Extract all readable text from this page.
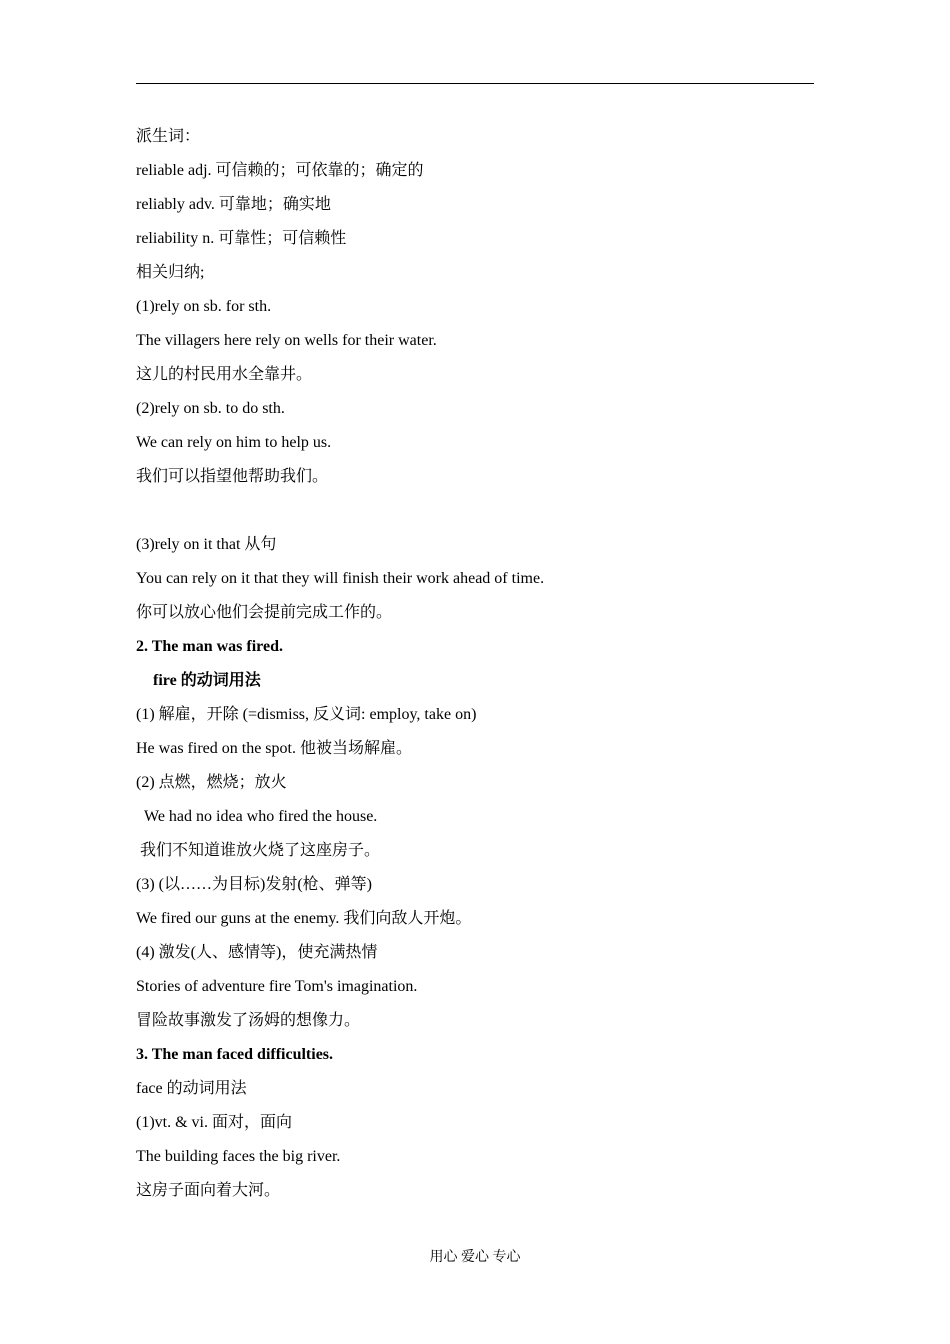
派生词：
reliable adj. 可信赖的；可依靠的；确定的
reliably adv. 可靠地；确实地
reliability n. 可靠性；可信赖性
相关归纳;
(1)rely on sb. for sth.
The villagers here rely on wells for their water.
这儿的村民用水全靠井。
(2)rely on sb. to do sth.
We can rely on him to help us.
我们可以指望他帮助我们。
(3)rely on it that 从句
You can rely on it that they will finish their work ahead of time.
你可以放心他们会提前完成工作的。
2. The man was fired.
fire 的动词用法
(1) 解雇，开除 (=dismiss, 反义词: employ, take on)
He was fired on the spot. 他被当场解雇。
(2) 点燃，燃烧；放火
We had no idea who fired the house.
我们不知道谁放火烧了这座房子。
(3) (以……为目标)发射(枪、弹等)
We fired our guns at the enemy. 我们向敌人开炮。
(4) 激发(人、感情等)，使充满热情
Stories of adventure fire Tom's imagination.
冒险故事激发了汤姆的想像力。
3. The man faced difficulties.
face 的动词用法
(1)vt. & vi. 面对，面向
The building faces the big river.
这房子面向着大河。
用心 爱心 专心
